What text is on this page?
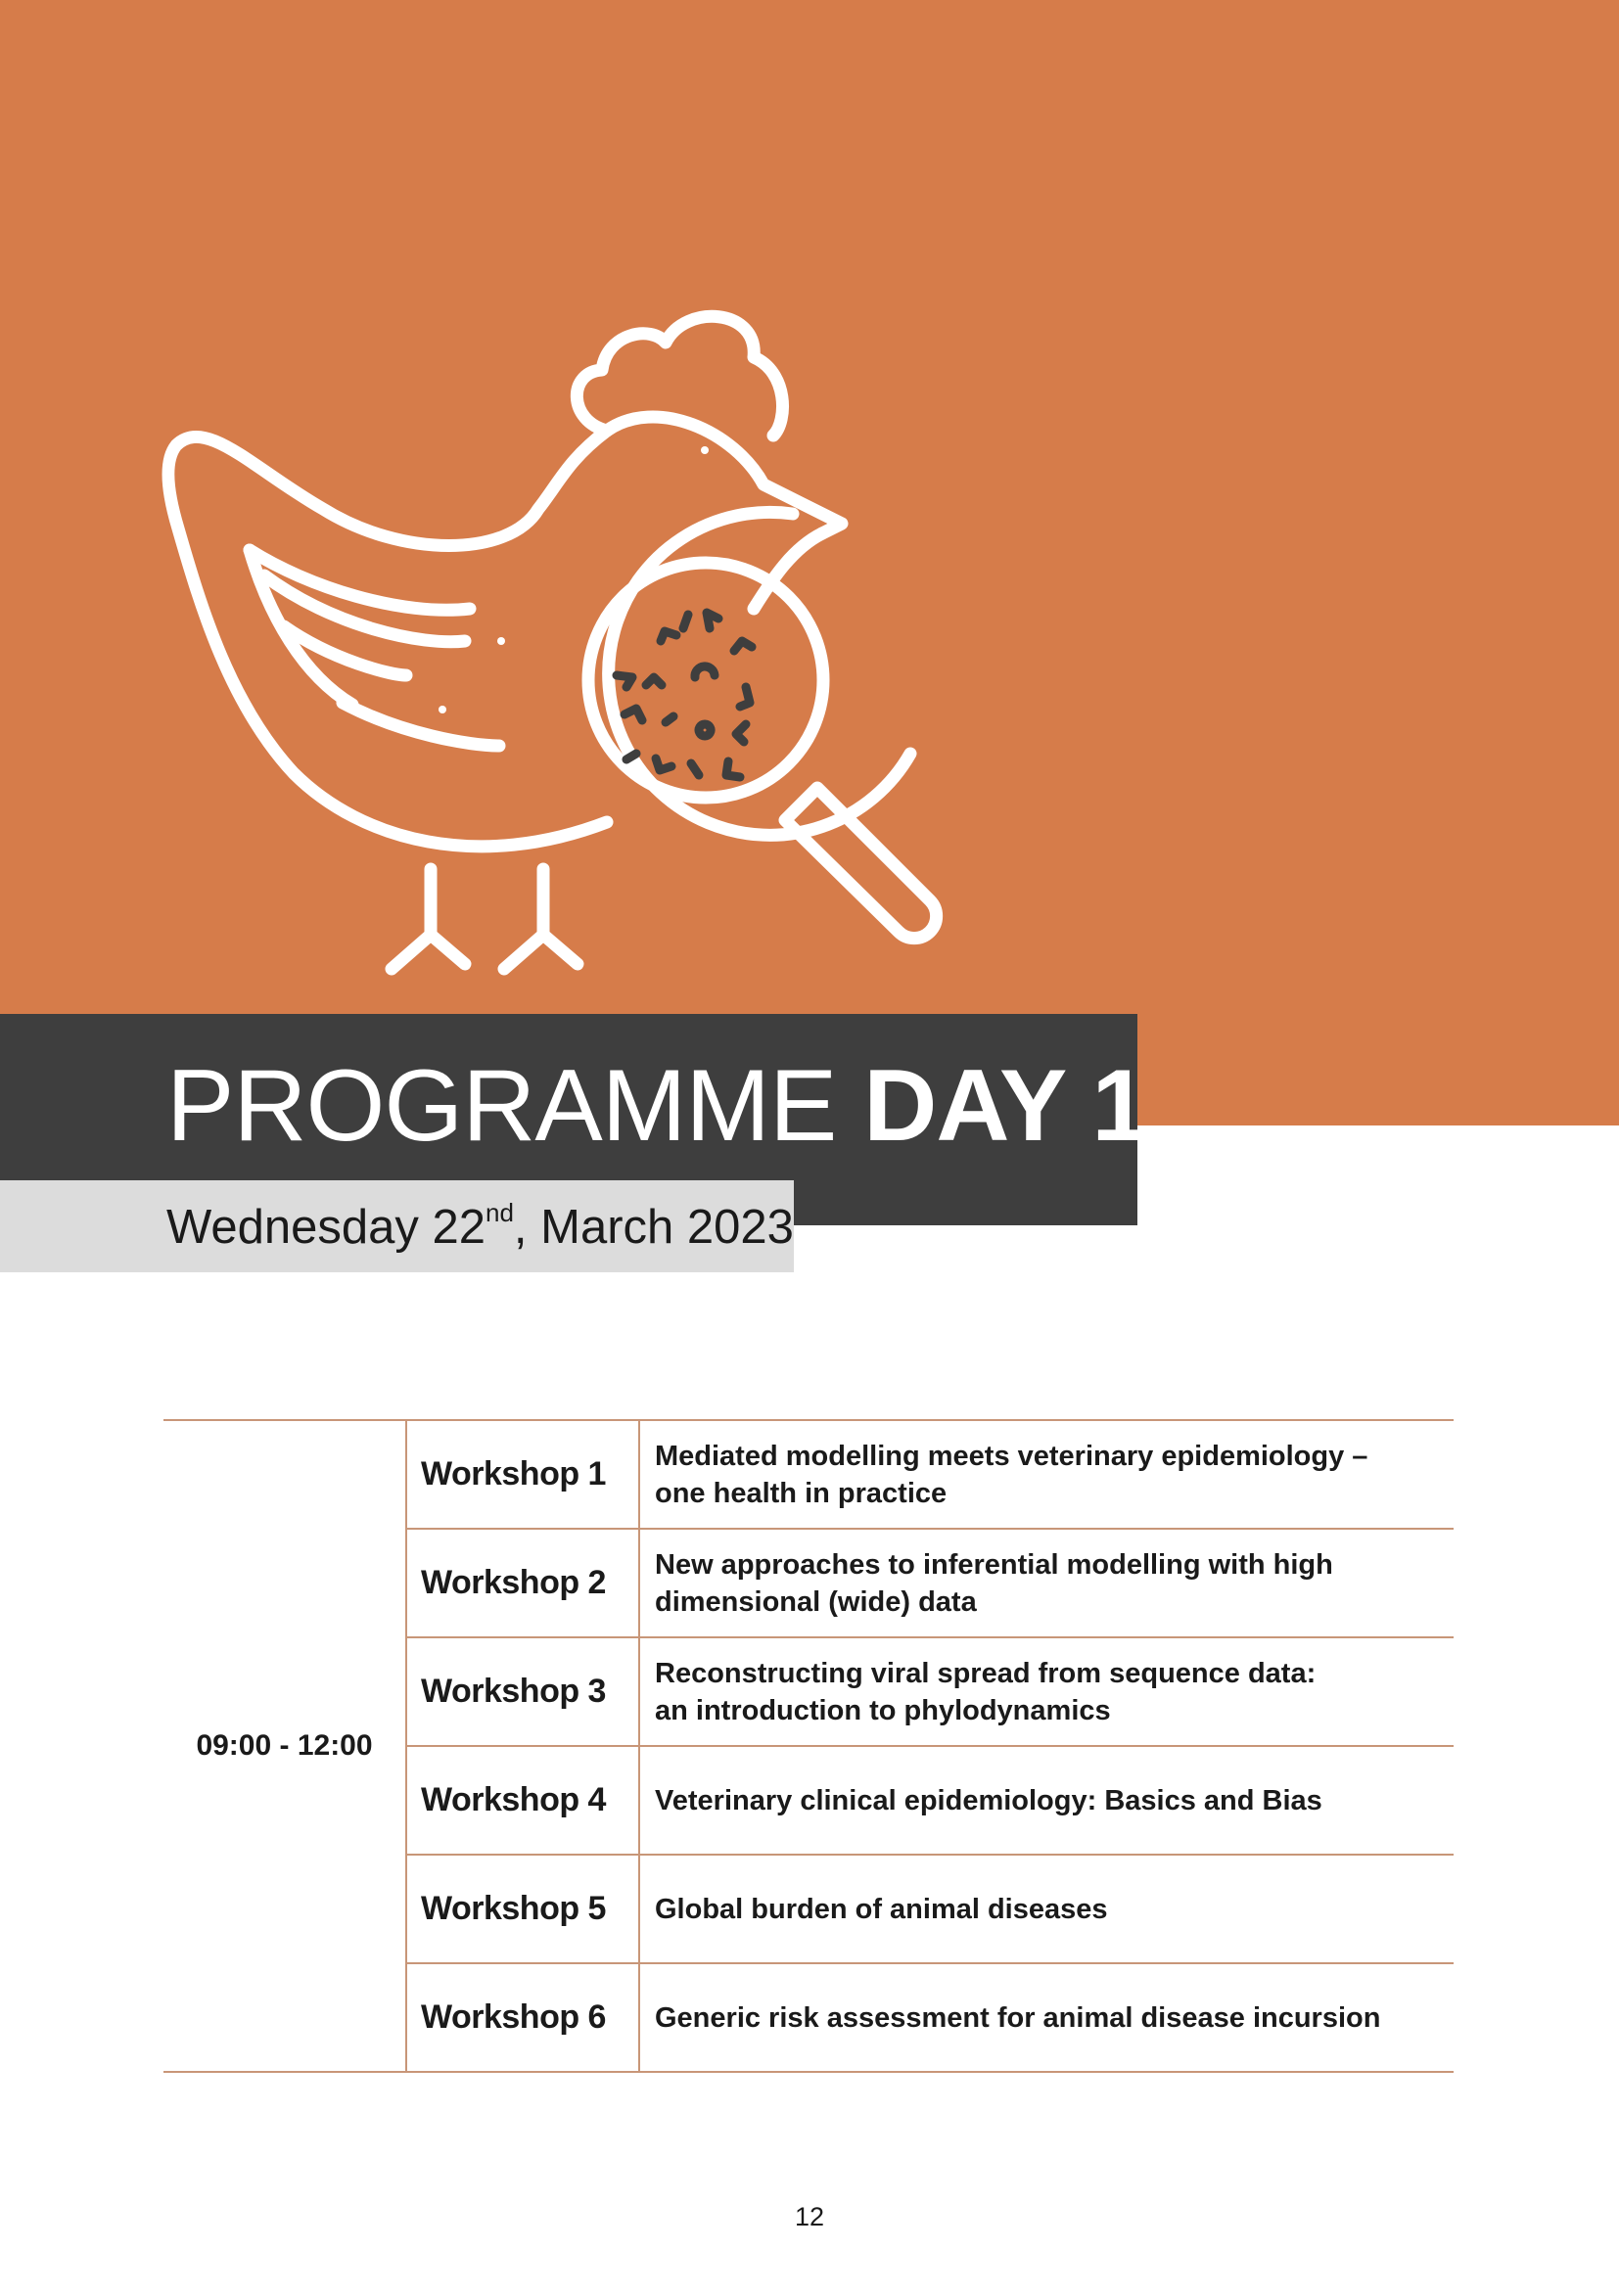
PROGRAMME DAY 1
Wednesday 22nd, March 2023
09:00 - 12:00	Workshop 1	Mediated modelling meets veterinary epidemiology –
one health in practice

	Workshop 2	New approaches to inferential modelling with high
dimensional (wide) data

	Workshop 3	Reconstructing viral spread from sequence data:
an introduction to phylodynamics

	Workshop 4	Veterinary clinical epidemiology: Basics and Bias

	Workshop 5	Global burden of animal diseases

	Workshop 6	Generic risk assessment for animal disease incursion
12
